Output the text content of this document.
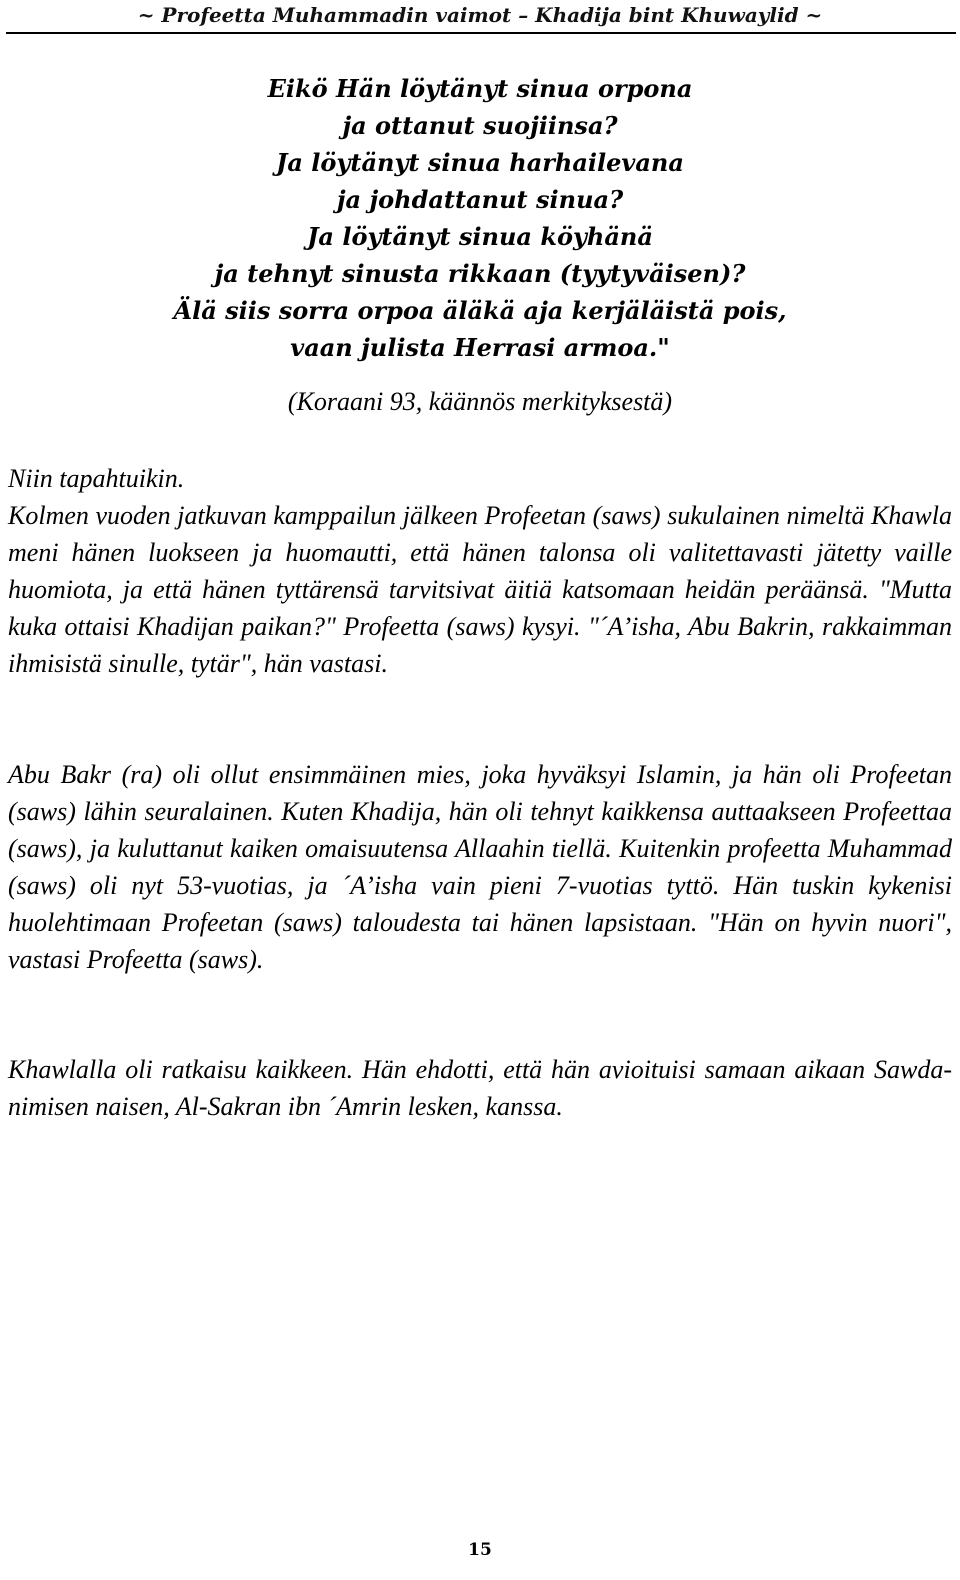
~ Profeetta Muhammadin vaimot – Khadija bint Khuwaylid ~
Eikö Hän löytänyt sinua orpona
ja ottanut suojiinsa?
Ja löytänyt sinua harhailevana
ja johdattanut sinua?
Ja löytänyt sinua köyhänä
ja tehnyt sinusta rikkaan (tyytyväisen)?
Älä siis sorra orpoa äläkä aja kerjäläistä pois,
vaan julista Herrasi armoa."
(Koraani 93, käännös merkityksestä)
Niin tapahtuikin.

Kolmen vuoden jatkuvan kamppailun jälkeen Profeetan (saws) sukulainen nimeltä Khawla meni hänen luokseen ja huomautti, että hänen talonsa oli valitettavasti jätetty vaille huomiota, ja että hänen tyttärensä tarvitsivat äitiä katsomaan heidän peräänsä. "Mutta kuka ottaisi Khadijan paikan?" Profeetta (saws) kysyi. "´A’isha, Abu Bakrin, rakkaimman ihmisistä sinulle, tytär", hän vastasi.

Abu Bakr (ra) oli ollut ensimmäinen mies, joka hyväksyi Islamin, ja hän oli Profeetan (saws) lähin seuralainen. Kuten Khadija, hän oli tehnyt kaikkensa auttaakseen Profeettaa (saws), ja kuluttanut kaiken omaisuutensa Allaahin tiellä. Kuitenkin profeetta Muhammad (saws) oli nyt 53-vuotias, ja ´A’isha vain pieni 7-vuotias tyttö. Hän tuskin kykenisi huolehtimaan Profeetan (saws) taloudesta tai hänen lapsistaan. "Hän on hyvin nuori", vastasi Profeetta (saws).

Khawlalla oli ratkaisu kaikkeen. Hän ehdotti, että hän avioituisi samaan aikaan Sawda-nimisen naisen, Al-Sakran ibn ´Amrin lesken, kanssa.

15
